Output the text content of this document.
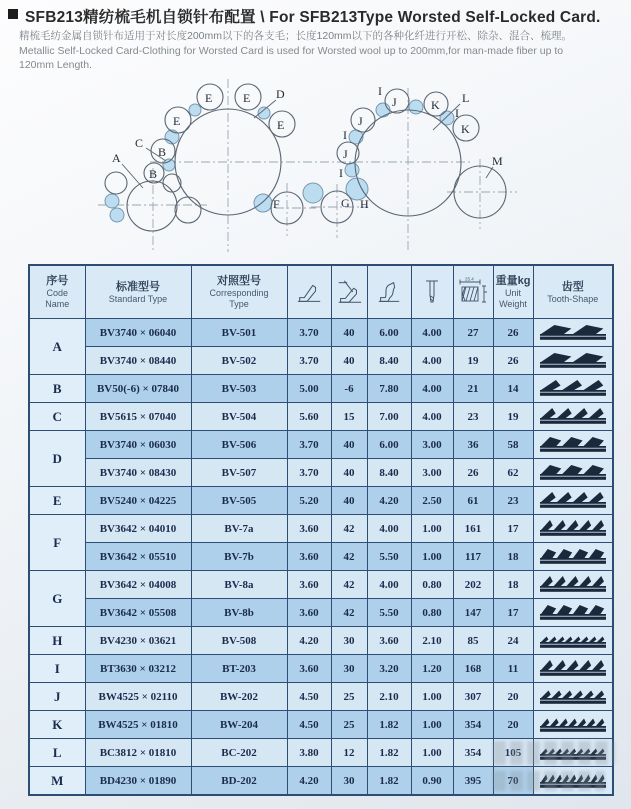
SFB213精纺梳毛机自锁针布配置 \ For SFB213Type Worsted Self-Locked Card.
精梳毛纺金属自锁针布适用于对长度200mm以下的各支毛；长度120mm以下的各种化纤进行开松、除杂、混合、梳理。
Metallic Self-Locked Card-Clothing for Worsted Card is used for Worsted wool up to 200mm,for man-made fiber up to 120mm Length.
A	B
B
C
D
E
E	E
E
F	G H
I
I
I
I
J
J
J	K
K
L
M
序号
Code
Name	标准型号
Standard Type	对照型号
Corresponding
Type					25.4	重量kg
Unit
Weight	齿型
Tooth-Shape

A	BV3740 × 06040	BV-501	3.70	40	6.00	4.00	27	26	
	BV3740 × 08440	BV-502	3.70	40	8.40	4.00	19	26	
B	BV50(-6) × 07840	BV-503	5.00	-6	7.80	4.00	21	14	
C	BV5615 × 07040	BV-504	5.60	15	7.00	4.00	23	19	
D	BV3740 × 06030	BV-506	3.70	40	6.00	3.00	36	58	
	BV3740 × 08430	BV-507	3.70	40	8.40	3.00	26	62	
E	BV5240 × 04225	BV-505	5.20	40	4.20	2.50	61	23	
F	BV3642 × 04010	BV-7a	3.60	42	4.00	1.00	161	17	
	BV3642 × 05510	BV-7b	3.60	42	5.50	1.00	117	18	
G	BV3642 × 04008	BV-8a	3.60	42	4.00	0.80	202	18	
	BV3642 × 05508	BV-8b	3.60	42	5.50	0.80	147	17	
H	BV4230 × 03621	BV-508	4.20	30	3.60	2.10	85	24	
I	BT3630 × 03212	BT-203	3.60	30	3.20	1.20	168	11	
J	BW4525 × 02110	BW-202	4.50	25	2.10	1.00	307	20	
K	BW4525 × 01810	BW-204	4.50	25	1.82	1.00	354	20	
L	BC3812 × 01810	BC-202	3.80	12	1.82	1.00	354	105	
M	BD4230 × 01890	BD-202	4.20	30	1.82	0.90	395	70	
